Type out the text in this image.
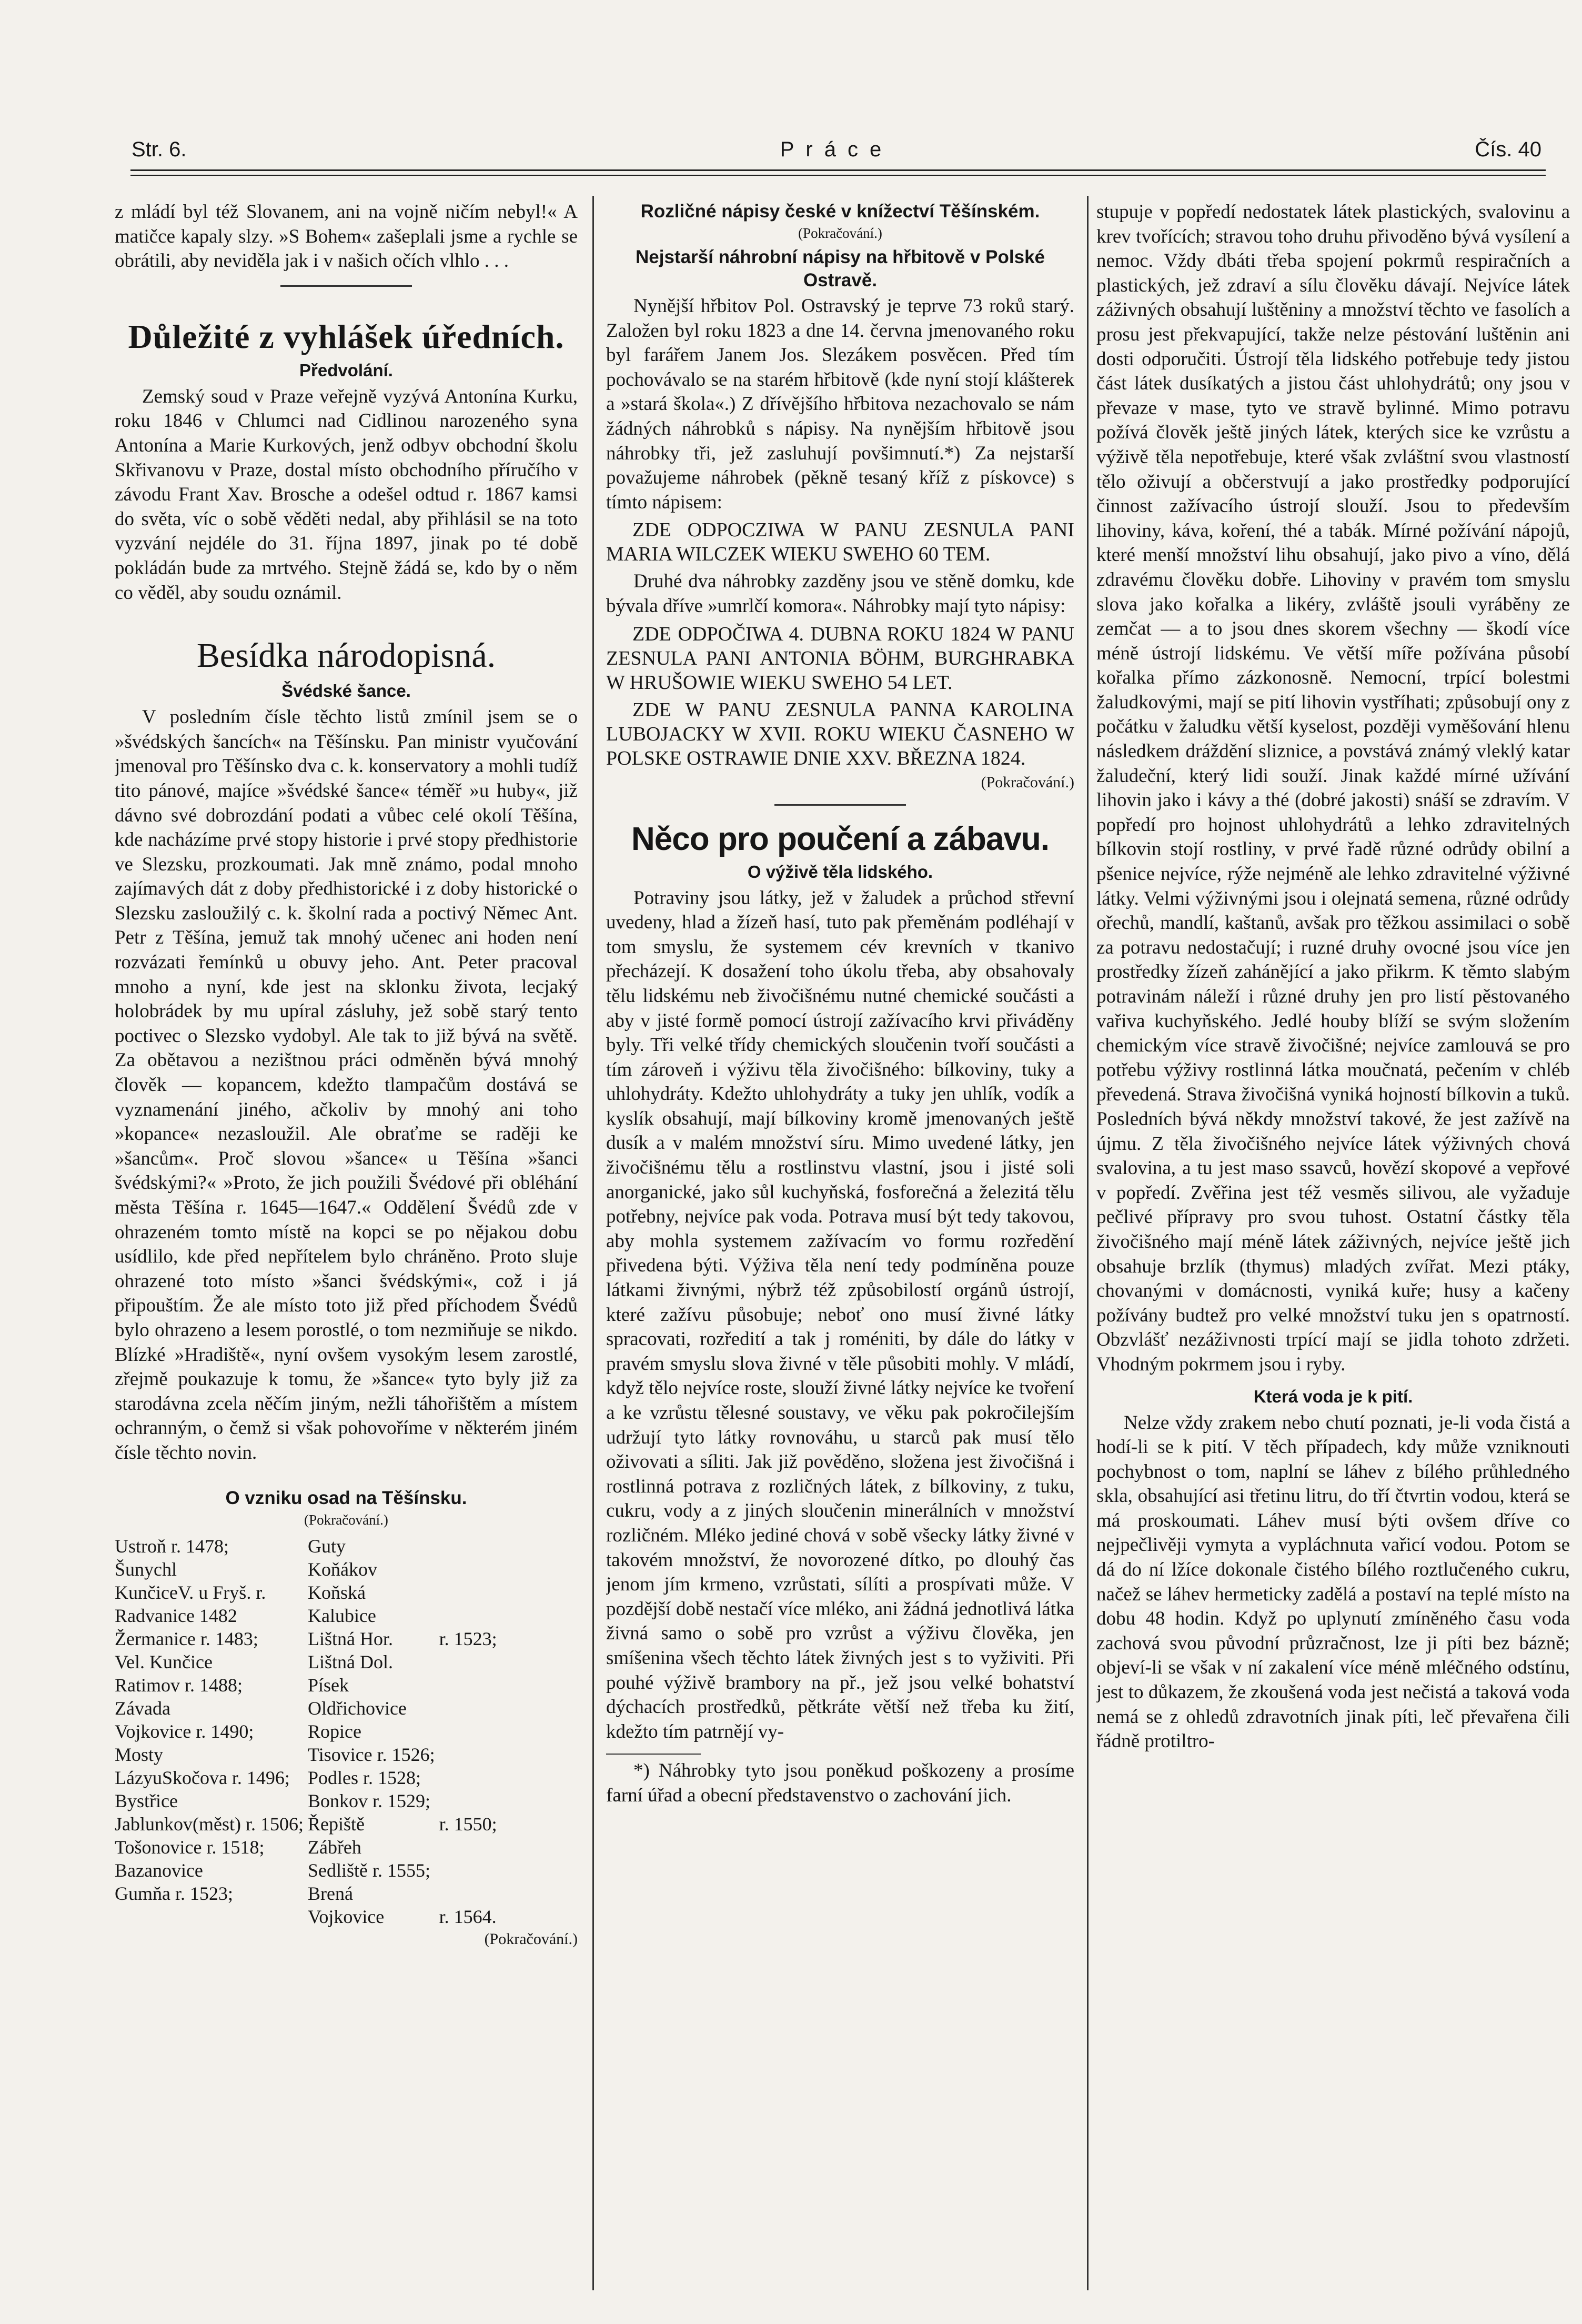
Str. 6.	Práce	Čís. 40

z mládí byl též Slovanem, ani na vojně ničím nebyl!« A matičce kapaly slzy. »S Bohem« zašeplali jsme a rychle se obrátili, aby neviděla jak i v našich očích vlhlo . . .

Důležité z vyhlášek úředních.
Předvolání.

Zemský soud v Praze veřejně vyzývá Antonína Kurku, roku 1846 v Chlumci nad Cidlinou narozeného syna Antonína a Marie Kurkových, jenž odbyv obchodní školu Skřivanovu v Praze, dostal místo obchodního příručího v závodu Frant Xav. Brosche a odešel odtud r. 1867 kamsi do světa, víc o sobě věděti nedal, aby přihlásil se na toto vyzvání nejdéle do 31. října 1897, jinak po té době pokládán bude za mrtvého. Stejně žádá se, kdo by o něm co věděl, aby soudu oznámil.

Besídka národopisná.
Švédské šance.

V posledním čísle těchto listů zmínil jsem se o »švédských šancích« na Těšínsku. Pan ministr vyučování jmenoval pro Těšínsko dva c. k. konservatory a mohli tudíž tito pánové, majíce »švédské šance« téměř »u huby«, již dávno své dobrozdání podati a vůbec celé okolí Těšína, kde nacházíme prvé stopy historie i prvé stopy předhistorie ve Slezsku, prozkoumati. Jak mně známo, podal mnoho zajímavých dát z doby předhistorické i z doby historické o Slezsku zasloužilý c. k. školní rada a poctivý Němec Ant. Petr z Těšína, jemuž tak mnohý učenec ani hoden není rozvázati řemínků u obuvy jeho. Ant. Peter pracoval mnoho a nyní, kde jest na sklonku života, lecjaký holobrádek by mu upíral zásluhy, jež sobě starý tento poctivec o Slezsko vydobyl. Ale tak to již bývá na světě. Za obětavou a nezištnou práci odměněn bývá mnohý člověk — kopancem, kdežto tlampačům dostává se vyznamenání jiného, ačkoliv by mnohý ani toho »kopance« nezasloužil. Ale obraťme se raději ke »šancům«. Proč slovou »šance« u Těšína »šanci švédskými?« »Proto, že jich použili Švédové při obléhání města Těšína r. 1645—1647.« Oddělení Švédů zde v ohrazeném tomto místě na kopci se po nějakou dobu usídlilo, kde před nepřítelem bylo chráněno. Proto sluje ohrazené toto místo »šanci švédskými«, což i já připouštím. Že ale místo toto již před příchodem Švédů bylo ohrazeno a lesem porostlé, o tom nezmiňuje se nikdo. Blízké »Hradiště«, nyní ovšem vysokým lesem zarostlé, zřejmě poukazuje k tomu, že »šance« tyto byly již za starodávna zcela něčím jiným, nežli táhořištěm a místem ochranným, o čemž si však pohovoříme v některém jiném čísle těchto novin.

O vzniku osad na Těšínsku.
(Pokračování.)
Ustroň r. 1478;	Guty	
Šunychl	Koňákov	
KunčiceV. u Fryš. r.	Koňská	
Radvanice 1482	Kalubice	
Žermanice r. 1483;	Lištná Hor.	r. 1523;
Vel. Kunčice	Lištná Dol.	
Ratimov r. 1488;	Písek	
Závada	Oldřichovice	
Vojkovice r. 1490;	Ropice	
Mosty	Tisovice r. 1526;	
LázyuSkočova r. 1496;	Podles r. 1528;	
Bystřice	Bonkov r. 1529;	
Jablunkov(měst) r. 1506;	Řepiště	r. 1550;
Tošonovice r. 1518;	Zábřeh	
Bazanovice	Sedliště r. 1555;	
Gumňa r. 1523;	Brená	
	Vojkovice	r. 1564.
(Pokračování.)
Rozličné nápisy české v knížectví Těšínském.
(Pokračování.)
Nejstarší náhrobní nápisy na hřbitově v Polské Ostravě.

Nynější hřbitov Pol. Ostravský je teprve 73 roků starý. Založen byl roku 1823 a dne 14. června jmenovaného roku byl farářem Janem Jos. Slezákem posvěcen. Před tím pochovávalo se na starém hřbitově (kde nyní stojí klášterek a »stará škola«.) Z dřívějšího hřbitova nezachovalo se nám žádných náhrobků s nápisy. Na nynějším hřbitově jsou náhrobky tři, jež zasluhují povšimnutí.*) Za nejstarší považujeme náhrobek (pěkně tesaný kříž z pískovce) s tímto nápisem:

ZDE ODPOCZIWA W PANU ZESNULA PANI MARIA WILCZEK WIEKU SWEHO 60 TEM.

Druhé dva náhrobky zazděny jsou ve stěně domku, kde bývala dříve »umrlčí komora«. Náhrobky mají tyto nápisy:

ZDE ODPOČIWA 4. DUBNA ROKU 1824 W PANU ZESNULA PANI ANTONIA BÖHM, BURGHRABKA W HRUŠOWIE WIEKU SWEHO 54 LET.
ZDE W PANU ZESNULA PANNA KAROLINA LUBOJACKY W XVII. ROKU WIEKU ČASNEHO W POLSKE OSTRAWIE DNIE XXV. BŘEZNA 1824.
(Pokračování.)
Něco pro poučení a zábavu.
O výživě těla lidského.

Potraviny jsou látky, jež v žaludek a průchod střevní uvedeny, hlad a žízeň hasí, tuto pak přeměnám podléhají v tom smyslu, že systemem cév krevních v tkanivo přecházejí. K dosažení toho úkolu třeba, aby obsahovaly tělu lidskému neb živočišnému nutné chemické součásti a aby v jisté formě pomocí ústrojí zažívacího krvi přiváděny byly. Tři velké třídy chemických sloučenin tvoří součásti a tím zároveň i výživu těla živočišného: bílkoviny, tuky a uhlohydráty. Kdežto uhlohydráty a tuky jen uhlík, vodík a kyslík obsahují, mají bílkoviny kromě jmenovaných ještě dusík a v malém množství síru. Mimo uvedené látky, jen živočišnému tělu a rostlinstvu vlastní, jsou i jisté soli anorganické, jako sůl kuchyňská, fosforečná a železitá tělu potřebny, nejvíce pak voda. Potrava musí být tedy takovou, aby mohla systemem zažívacím vo formu rozředění přivedena býti. Výživa těla není tedy podmíněna pouze látkami živnými, nýbrž též způsobilostí orgánů ústrojí, které zažívu působuje; neboť ono musí živné látky spracovati, rozředití a tak j roméniti, by dále do látky v pravém smyslu slova živné v těle působiti mohly. V mládí, když tělo nejvíce roste, slouží živné látky nejvíce ke tvoření a ke vzrůstu tělesné soustavy, ve věku pak pokročilejším udržují tyto látky rovnováhu, u starců pak musí tělo oživovati a síliti. Jak již pověděno, složena jest živočišná i rostlinná potrava z rozličných látek, z bílkoviny, z tuku, cukru, vody a z jiných sloučenin minerálních v množství rozličném. Mléko jediné chová v sobě všecky látky živné v takovém množství, že novorozené dítko, po dlouhý čas jenom jím krmeno, vzrůstati, sílíti a prospívati může. V pozdější době nestačí více mléko, ani žádná jednotlivá látka živná samo o sobě pro vzrůst a výživu člověka, jen smíšenina všech těchto látek živných jest s to vyživiti. Při pouhé výživě brambory na př., jež jsou velké bohatství dýchacích prostředků, pětkráte větší než třeba ku žití, kdežto tím patrnějí vy-

*) Náhrobky tyto jsou poněkud poškozeny a prosíme farní úřad a obecní představenstvo o zachování jich.

stupuje v popředí nedostatek látek plastických, svalovinu a krev tvořících; stravou toho druhu přivoděno bývá vysílení a nemoc. Vždy dbáti třeba spojení pokrmů respiračních a plastických, jež zdraví a sílu člověku dávají. Nejvíce látek záživných obsahují luštěniny a množství těchto ve fasolích a prosu jest překvapující, takže nelze péstování luštěnin ani dosti odporučiti. Ústrojí těla lidského potřebuje tedy jistou část látek dusíkatých a jistou část uhlohydrátů; ony jsou v převaze v mase, tyto ve stravě bylinné. Mimo potravu požívá člověk ještě jiných látek, kterých sice ke vzrůstu a výživě těla nepotřebuje, které však zvláštní svou vlastností tělo oživují a občerstvují a jako prostředky podporující činnost zažívacího ústrojí slouží. Jsou to především lihoviny, káva, koření, thé a tabák. Mírné požívání nápojů, které menší množství lihu obsahují, jako pivo a víno, dělá zdravému člověku dobře. Lihoviny v pravém tom smyslu slova jako kořalka a likéry, zvláště jsouli vyráběny ze zemčat — a to jsou dnes skorem všechny — škodí více méně ústrojí lidskému. Ve větší míře požívána působí kořalka přímo zázkonosně. Nemocní, trpící bolestmi žaludkovými, mají se pití lihovin vystříhati; způsobují ony z počátku v žaludku větší kyselost, později vyměšování hlenu následkem dráždění sliznice, a povstává známý vleklý katar žaludeční, který lidi souží. Jinak každé mírné užívání lihovin jako i kávy a thé (dobré jakosti) snáší se zdravím. V popředí pro hojnost uhlohydrátů a lehko zdravitelných bílkovin stojí rostliny, v prvé řadě různé odrůdy obilní a pšenice nejvíce, rýže nejméně ale lehko zdravitelné výživné látky. Velmi výživnými jsou i olejnatá semena, různé odrůdy ořechů, mandlí, kaštanů, avšak pro těžkou assimilaci o sobě za potravu nedostačují; i ruzné druhy ovocné jsou více jen prostředky žízeň zahánějící a jako přikrm. K těmto slabým potravinám náleží i různé druhy jen pro listí pěstovaného vařiva kuchyňského. Jedlé houby blíží se svým složením chemickým více stravě živočišné; nejvíce zamlouvá se pro potřebu výživy rostlinná látka moučnatá, pečením v chléb převedená. Strava živočišná vyniká hojností bílkovin a tuků. Posledních bývá někdy množství takové, že jest zažívě na újmu. Z těla živočišného nejvíce látek výživných chová svalovina, a tu jest maso ssavců, hovězí skopové a vepřové v popředí. Zvěřina jest též vesměs silivou, ale vyžaduje pečlivé přípravy pro svou tuhost. Ostatní částky těla živočišného mají méně látek záživných, nejvíce ještě jich obsahuje brzlík (thymus) mladých zvířat. Mezi ptáky, chovanými v domácnosti, vyniká kuře; husy a kačeny požívány budtež pro velké množství tuku jen s opatrností. Obzvlášť nezáživnosti trpící mají se jidla tohoto zdržeti. Vhodným pokrmem jsou i ryby.

Která voda je k pití.

Nelze vždy zrakem nebo chutí poznati, je-li voda čistá a hodí-li se k pití. V těch případech, kdy může vzniknouti pochybnost o tom, naplní se láhev z bílého průhledného skla, obsahující asi třetinu litru, do tří čtvrtin vodou, která se má proskoumati. Láhev musí býti ovšem dříve co nejpečlivěji vymyta a vypláchnuta vařicí vodou. Potom se dá do ní lžíce dokonale čistého bílého roztlučeného cukru, načež se láhev hermeticky zadělá a postaví na teplé místo na dobu 48 hodin. Když po uplynutí zmíněného času voda zachová svou původní průzračnost, lze ji píti bez bázně; objeví-li se však v ní zakalení více méně mléčného odstínu, jest to důkazem, že zkoušená voda jest nečistá a taková voda nemá se z ohledů zdravotních jinak píti, leč převařena čili řádně protiltro-
